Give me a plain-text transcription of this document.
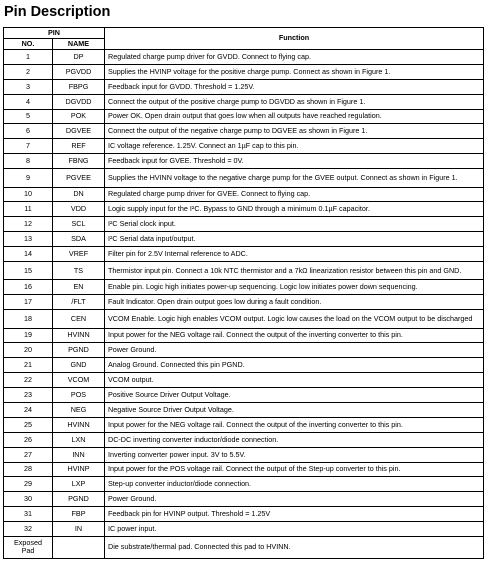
Pin Description
PIN		Function
NO.	NAME	
1	DP	Regulated charge pump driver for GVDD. Connect to flying cap.
2	PGVDD	Supplies the HVINP voltage for the positive charge pump. Connect as shown in Figure 1.
3	FBPG	Feedback input for GVDD. Threshold = 1.25V.
4	DGVDD	Connect the output of the positive charge pump to DGVDD as shown in Figure 1.
5	POK	Power OK. Open drain output that goes low when all outputs have reached regulation.
6	DGVEE	Connect the output of the negative charge pump to DGVEE as shown in Figure 1.
7	REF	IC voltage reference. 1.25V. Connect an 1µF cap to this pin.
8	FBNG	Feedback input for GVEE. Threshold = 0V.
9	PGVEE	Supplies the HVINN voltage to the negative charge pump for the GVEE output. Connect as shown in Figure 1.
10	DN	Regulated charge pump driver for GVEE. Connect to flying cap.
11	VDD	Logic supply input for the I²C. Bypass to GND through a minimum 0.1µF capacitor.
12	SCL	I²C Serial clock input.
13	SDA	I²C Serial data input/output.
14	VREF	Filter pin for 2.5V Internal reference to ADC.
15	TS	Thermistor input pin. Connect a 10k NTC thermistor and a 7kΩ linearization resistor between this pin and GND.
16	EN	Enable pin. Logic high initiates power-up sequencing. Logic low initiates power down sequencing.
17	/FLT	Fault Indicator. Open drain output goes low during a fault condition.
18	CEN	VCOM Enable. Logic high enables VCOM output. Logic low causes the load on the VCOM output to be discharged
19	HVINN	Input power for the NEG voltage rail. Connect the output of the inverting converter to this pin.
20	PGND	Power Ground.
21	GND	Analog Ground. Connected this pin PGND.
22	VCOM	VCOM output.
23	POS	Positive Source Driver Output Voltage.
24	NEG	Negative Source Driver Output Voltage.
25	HVINN	Input power for the NEG voltage rail. Connect the output of the inverting converter to this pin.
26	LXN	DC-DC inverting converter inductor/diode connection.
27	INN	Inverting converter power input. 3V to 5.5V.
28	HVINP	Input power for the POS voltage rail. Connect the output of the Step-up converter to this pin.
29	LXP	Step-up converter inductor/diode connection.
30	PGND	Power Ground.
31	FBP	Feedback pin for HVINP output. Threshold = 1.25V
32	IN	IC power input.
Exposed Pad		Die substrate/thermal pad. Connected this pad to HVINN.
